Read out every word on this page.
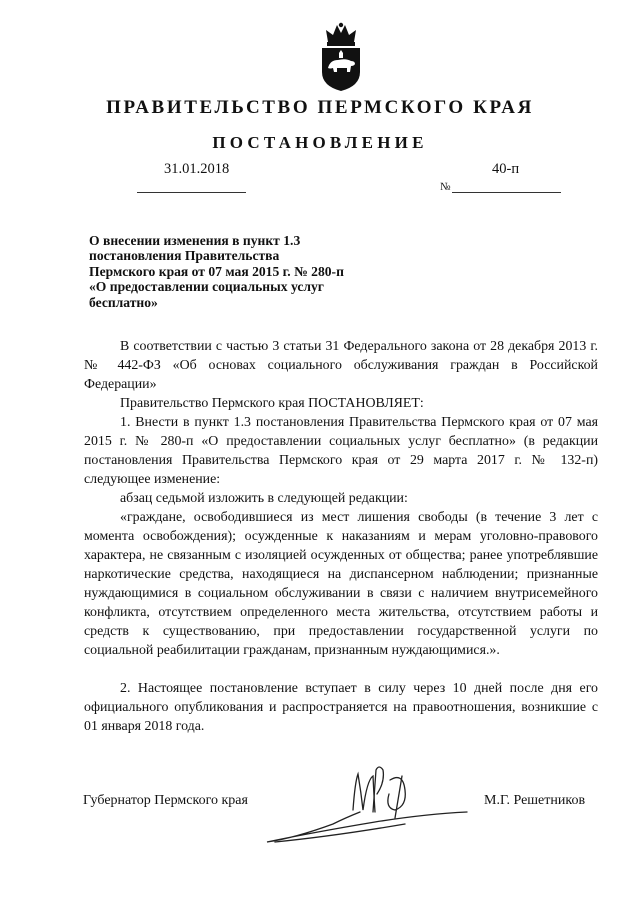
ПРАВИТЕЛЬСТВО ПЕРМСКОГО КРАЯ
ПОСТАНОВЛЕНИЕ
31.01.2018
№
40-п
О внесении изменения в пункт 1.3
постановления Правительства
Пермского края от 07 мая 2015 г. № 280-п
«О предоставлении социальных услуг
бесплатно»
В соответствии с частью 3 статьи 31 Федерального закона от 28 декабря 2013 г. № 442-ФЗ «Об основах социального обслуживания граждан в Российской Федерации»
Правительство Пермского края ПОСТАНОВЛЯЕТ:
1. Внести в пункт 1.3 постановления Правительства Пермского края от 07 мая 2015 г. № 280-п «О предоставлении социальных услуг бесплатно» (в редакции постановления Правительства Пермского края от 29 марта 2017 г. № 132-п) следующее изменение:
абзац седьмой изложить в следующей редакции:
«граждане, освободившиеся из мест лишения свободы (в течение 3 лет с момента освобождения); осужденные к наказаниям и мерам уголовно-правового характера, не связанным с изоляцией осужденных от общества; ранее употреблявшие наркотические средства, находящиеся на диспансерном наблюдении; признанные нуждающимися в социальном обслуживании в связи с наличием внутрисемейного конфликта, отсутствием определенного места жительства, отсутствием работы и средств к существованию, при предоставлении государственной услуги по социальной реабилитации гражданам, признанным нуждающимися.».
2. Настоящее постановление вступает в силу через 10 дней после дня его официального опубликования и распространяется на правоотношения, возникшие с 01 января 2018 года.
Губернатор Пермского края	М.Г. Решетников
